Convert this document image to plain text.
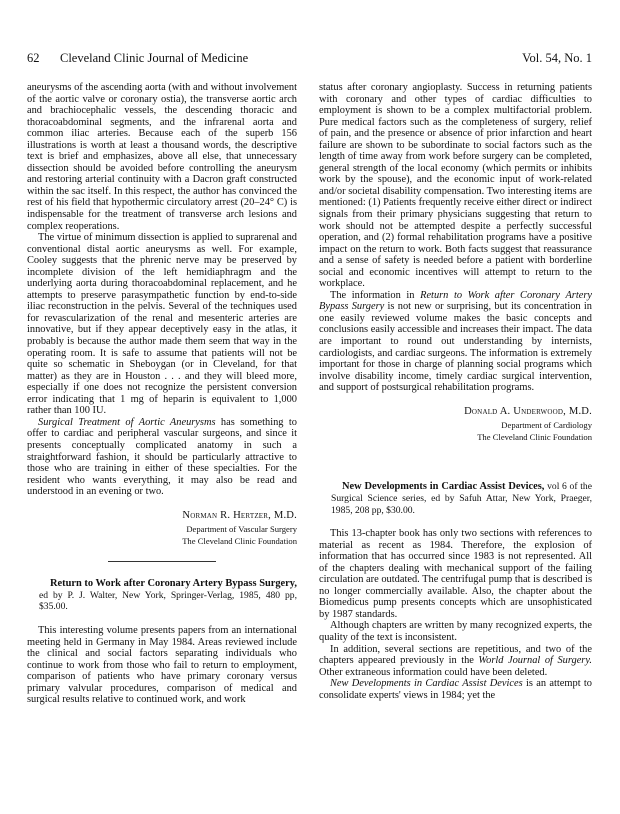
62 Cleveland Clinic Journal of Medicine	Vol. 54, No. 1

aneurysms of the ascending aorta (with and without involvement of the aortic valve or coronary ostia), the transverse aortic arch and brachiocephalic vessels, the descending thoracic and thoracoabdominal segments, and the infrarenal aorta and common iliac arteries. Because each of the superb 156 illustrations is worth at least a thousand words, the descriptive text is brief and emphasizes, above all else, that unnecessary dissection should be avoided before controlling the aneurysm and restoring arterial continuity with a Dacron graft constructed within the sac itself. In this respect, the author has convinced the rest of his field that hypothermic circulatory arrest (20–24° C) is indispensable for the treatment of transverse arch lesions and complex reoperations.

The virtue of minimum dissection is applied to suprarenal and conventional distal aortic aneurysms as well. For example, Cooley suggests that the phrenic nerve may be preserved by incomplete division of the left hemidiaphragm and the underlying aorta during thoracoabdominal replacement, and he attempts to preserve parasympathetic function by end-to-side iliac reconstruction in the pelvis. Several of the techniques used for revascularization of the renal and mesenteric arteries are innovative, but if they appear deceptively easy in the atlas, it probably is because the author made them seem that way in the operating room. It is safe to assume that patients will not be quite so schematic in Sheboygan (or in Cleveland, for that matter) as they are in Houston . . . and they will bleed more, especially if one does not recognize the persistent conversion error indicating that 1 mg of heparin is equivalent to 1,000 rather than 100 IU.

Surgical Treatment of Aortic Aneurysms has something to offer to cardiac and peripheral vascular surgeons, and since it presents conceptually complicated anatomy in such a straightforward fashion, it should be particularly attractive to those who are training in either of these specialties. For the resident who wants everything, it may also be read and understood in an evening or two.

Norman R. Hertzer, M.D.

Department of Vascular Surgery
The Cleveland Clinic Foundation

Return to Work after Coronary Artery Bypass Surgery, ed by P. J. Walter, New York, Springer-Verlag, 1985, 480 pp, $35.00.

This interesting volume presents papers from an international meeting held in Germany in May 1984. Areas reviewed include the clinical and social factors separating individuals who continue to work from those who fail to return to employment, comparison of patients who have primary coronary versus primary valvular procedures, comparison of medical and surgical results relative to continued work, and work

status after coronary angioplasty. Success in returning patients with coronary and other types of cardiac difficulties to employment is shown to be a complex multifactorial problem. Pure medical factors such as the completeness of surgery, relief of pain, and the presence or absence of prior infarction and heart failure are shown to be subordinate to social factors such as the length of time away from work before surgery can be completed, general strength of the local economy (which permits or inhibits work by the spouse), and the economic input of work-related and/or societal disability compensation. Two interesting items are mentioned: (1) Patients frequently receive either direct or indirect signals from their primary physicians suggesting that return to work should not be attempted despite a perfectly successful operation, and (2) formal rehabilitation programs have a positive impact on the return to work. Both facts suggest that reassurance and a sense of safety is needed before a patient with borderline social and economic incentives will attempt to return to the workplace.

The information in Return to Work after Coronary Artery Bypass Surgery is not new or surprising, but its concentration in one easily reviewed volume makes the basic concepts and conclusions easily accessible and increases their impact. The data are important to round out understanding by internists, cardiologists, and cardiac surgeons. The information is extremely important for those in charge of planning social programs which involve disability income, timely cardiac surgical intervention, and support of postsurgical rehabilitation programs.

Donald A. Underwood, M.D.

Department of Cardiology
The Cleveland Clinic Foundation

New Developments in Cardiac Assist Devices, vol 6 of the Surgical Science series, ed by Safuh Attar, New York, Praeger, 1985, 208 pp, $30.00.

This 13-chapter book has only two sections with references to material as recent as 1984. Therefore, the explosion of information that has occurred since 1983 is not represented. All of the chapters dealing with mechanical support of the failing circulation are outdated. The centrifugal pump that is described is no longer commercially available. Also, the chapter about the Biomedicus pump presents concepts which are unsophisticated by 1987 standards.

Although chapters are written by many recognized experts, the quality of the text is inconsistent.

In addition, several sections are repetitious, and two of the chapters appeared previously in the World Journal of Surgery. Other extraneous information could have been deleted.

New Developments in Cardiac Assist Devices is an attempt to consolidate experts' views in 1984; yet the
